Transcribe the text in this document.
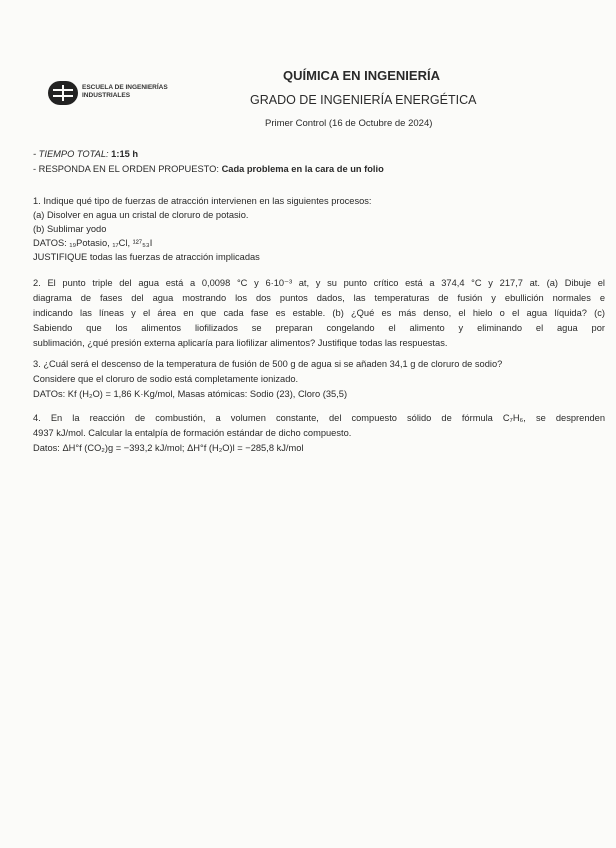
ESCUELA DE INGENIERÍAS
INDUSTRIALES
QUÍMICA EN INGENIERÍA
GRADO DE INGENIERÍA ENERGÉTICA
Primer Control (16 de Octubre de 2024)
- TIEMPO TOTAL: 1:15 h
- RESPONDA EN EL ORDEN PROPUESTO: Cada problema en la cara de un folio
1. Indique qué tipo de fuerzas de atracción intervienen en las siguientes procesos:
(a) Disolver en agua un cristal de cloruro de potasio.
(b) Sublimar yodo
DATOS: ₁₉Potasio, ₁₇Cl, ¹²⁷₅₃I
JUSTIFIQUE todas las fuerzas de atracción implicadas
2. El punto triple del agua está a 0,0098 °C y 6·10⁻³ at, y su punto crítico está a 374,4 °C y 217,7 at. (a) Dibuje el
diagrama de fases del agua mostrando los dos puntos dados, las temperaturas de fusión y ebullición normales e
indicando las líneas y el área en que cada fase es estable. (b) ¿Qué es más denso, el hielo o el agua líquida? (c)
Sabiendo que los alimentos liofilizados se preparan congelando el alimento y eliminando el agua por
sublimación, ¿qué presión externa aplicaría para liofilizar alimentos? Justifique todas las respuestas.
3. ¿Cuál será el descenso de la temperatura de fusión de 500 g de agua si se añaden 34,1 g de cloruro de sodio?
Considere que el cloruro de sodio está completamente ionizado.
DATOs: Kf (H₂O) = 1,86 K·Kg/mol, Masas atómicas: Sodio (23), Cloro (35,5)
4. En la reacción de combustión, a volumen constante, del compuesto sólido de fórmula C₇H₆, se desprenden
4937 kJ/mol. Calcular la entalpía de formación estándar de dicho compuesto.
Datos: ΔH°f (CO₂)g = −393,2 kJ/mol; ΔH°f (H₂O)l = −285,8 kJ/mol
